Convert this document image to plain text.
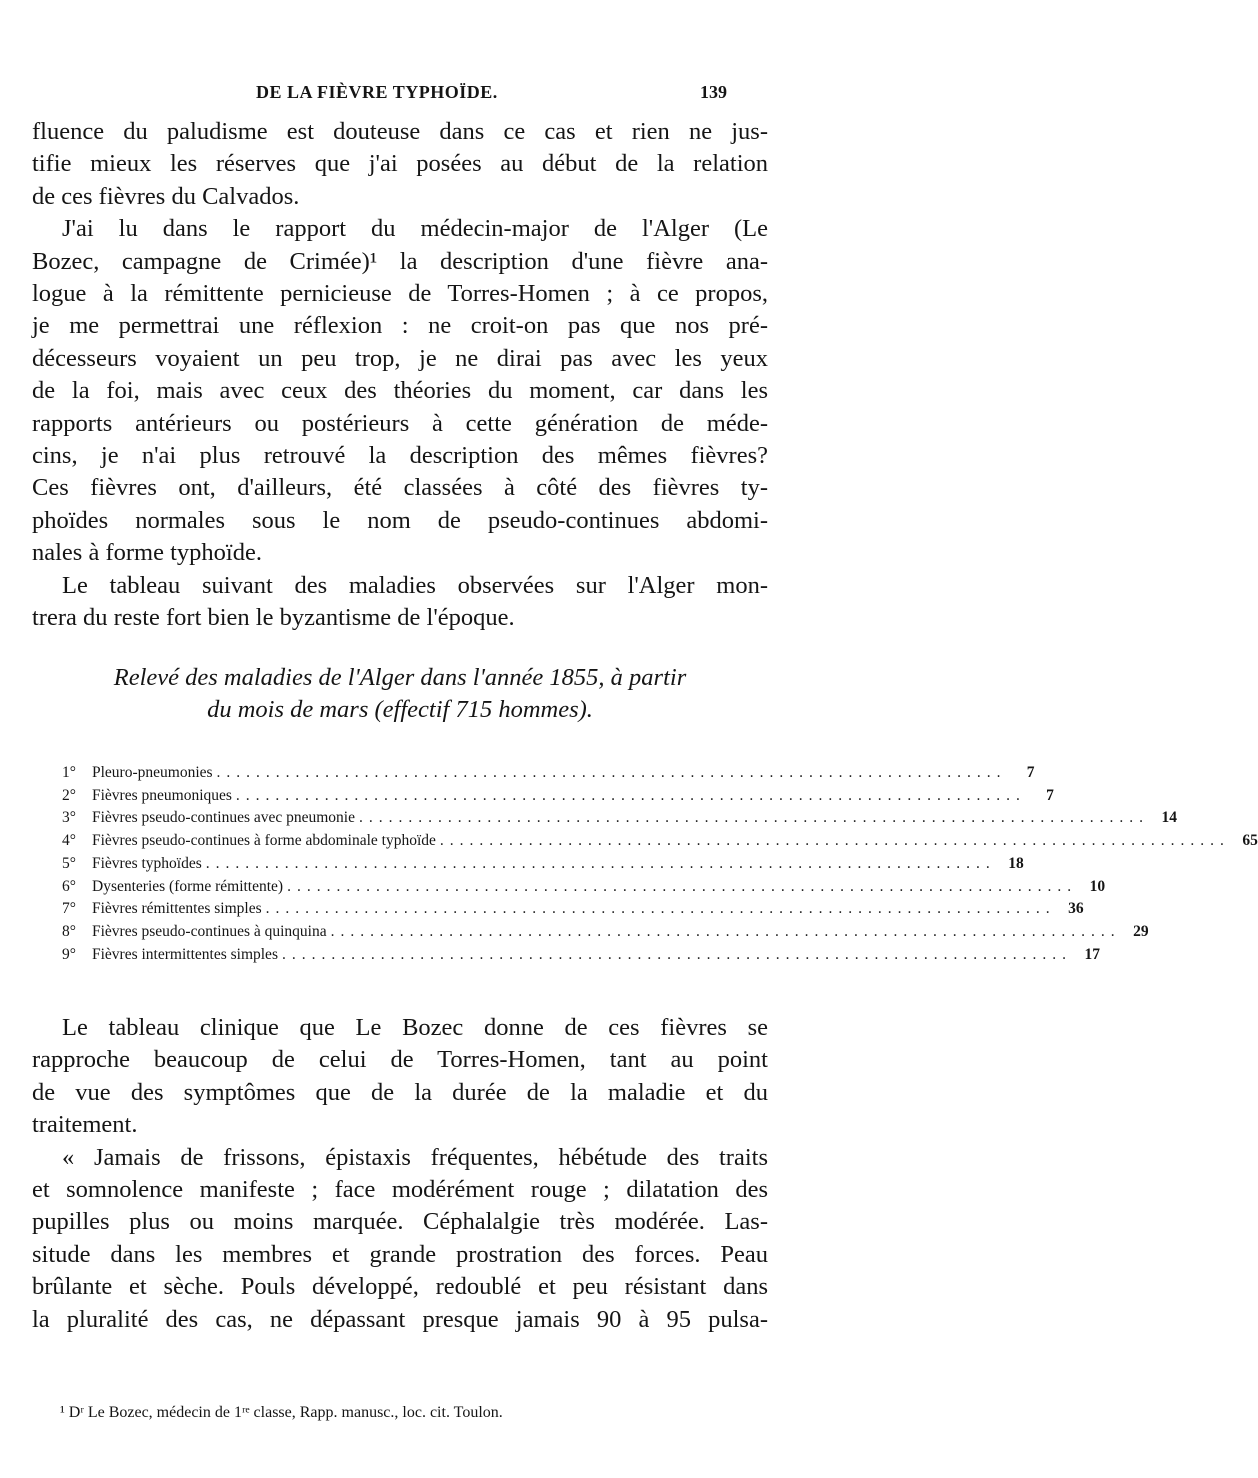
DE LA FIÈVRE TYPHOÏDE.	139
fluence du paludisme est douteuse dans ce cas et rien ne jus-
tifie mieux les réserves que j'ai posées au début de la relation
de ces fièvres du Calvados.
J'ai lu dans le rapport du médecin-major de l'Alger (Le
Bozec, campagne de Crimée)¹ la description d'une fièvre ana-
logue à la rémittente pernicieuse de Torres-Homen ; à ce propos,
je me permettrai une réflexion : ne croit-on pas que nos pré-
décesseurs voyaient un peu trop, je ne dirai pas avec les yeux
de la foi, mais avec ceux des théories du moment, car dans les
rapports antérieurs ou postérieurs à cette génération de méde-
cins, je n'ai plus retrouvé la description des mêmes fièvres?
Ces fièvres ont, d'ailleurs, été classées à côté des fièvres ty-
phoïdes normales sous le nom de pseudo-continues abdomi-
nales à forme typhoïde.
Le tableau suivant des maladies observées sur l'Alger mon-
trera du reste fort bien le byzantisme de l'époque.
Relevé des maladies de l'Alger dans l'année 1855, à partir
du mois de mars (effectif 715 hommes).
1°	Pleuro-pneumonies ................................................................................	7
2°	Fièvres pneumoniques ................................................................................	7
3°	Fièvres pseudo-continues avec pneumonie ................................................................................ 14
4°	Fièvres pseudo-continues à forme abdominale typhoïde ................................................................................ 65
5°	Fièvres typhoïdes ................................................................................ 18
6°	Dysenteries (forme rémittente) ................................................................................ 10
7°	Fièvres rémittentes simples ................................................................................ 36
8°	Fièvres pseudo-continues à quinquina ................................................................................ 29
9°	Fièvres intermittentes simples ................................................................................ 17
Le tableau clinique que Le Bozec donne de ces fièvres se
rapproche beaucoup de celui de Torres-Homen, tant au point
de vue des symptômes que de la durée de la maladie et du
traitement.
« Jamais de frissons, épistaxis fréquentes, hébétude des traits
et somnolence manifeste ; face modérément rouge ; dilatation des
pupilles plus ou moins marquée. Céphalalgie très modérée. Las-
situde dans les membres et grande prostration des forces. Peau
brûlante et sèche. Pouls développé, redoublé et peu résistant dans
la pluralité des cas, ne dépassant presque jamais 90 à 95 pulsa-
¹ Dʳ Le Bozec, médecin de 1ʳᵉ classe, Rapp. manusc., loc. cit. Toulon.
